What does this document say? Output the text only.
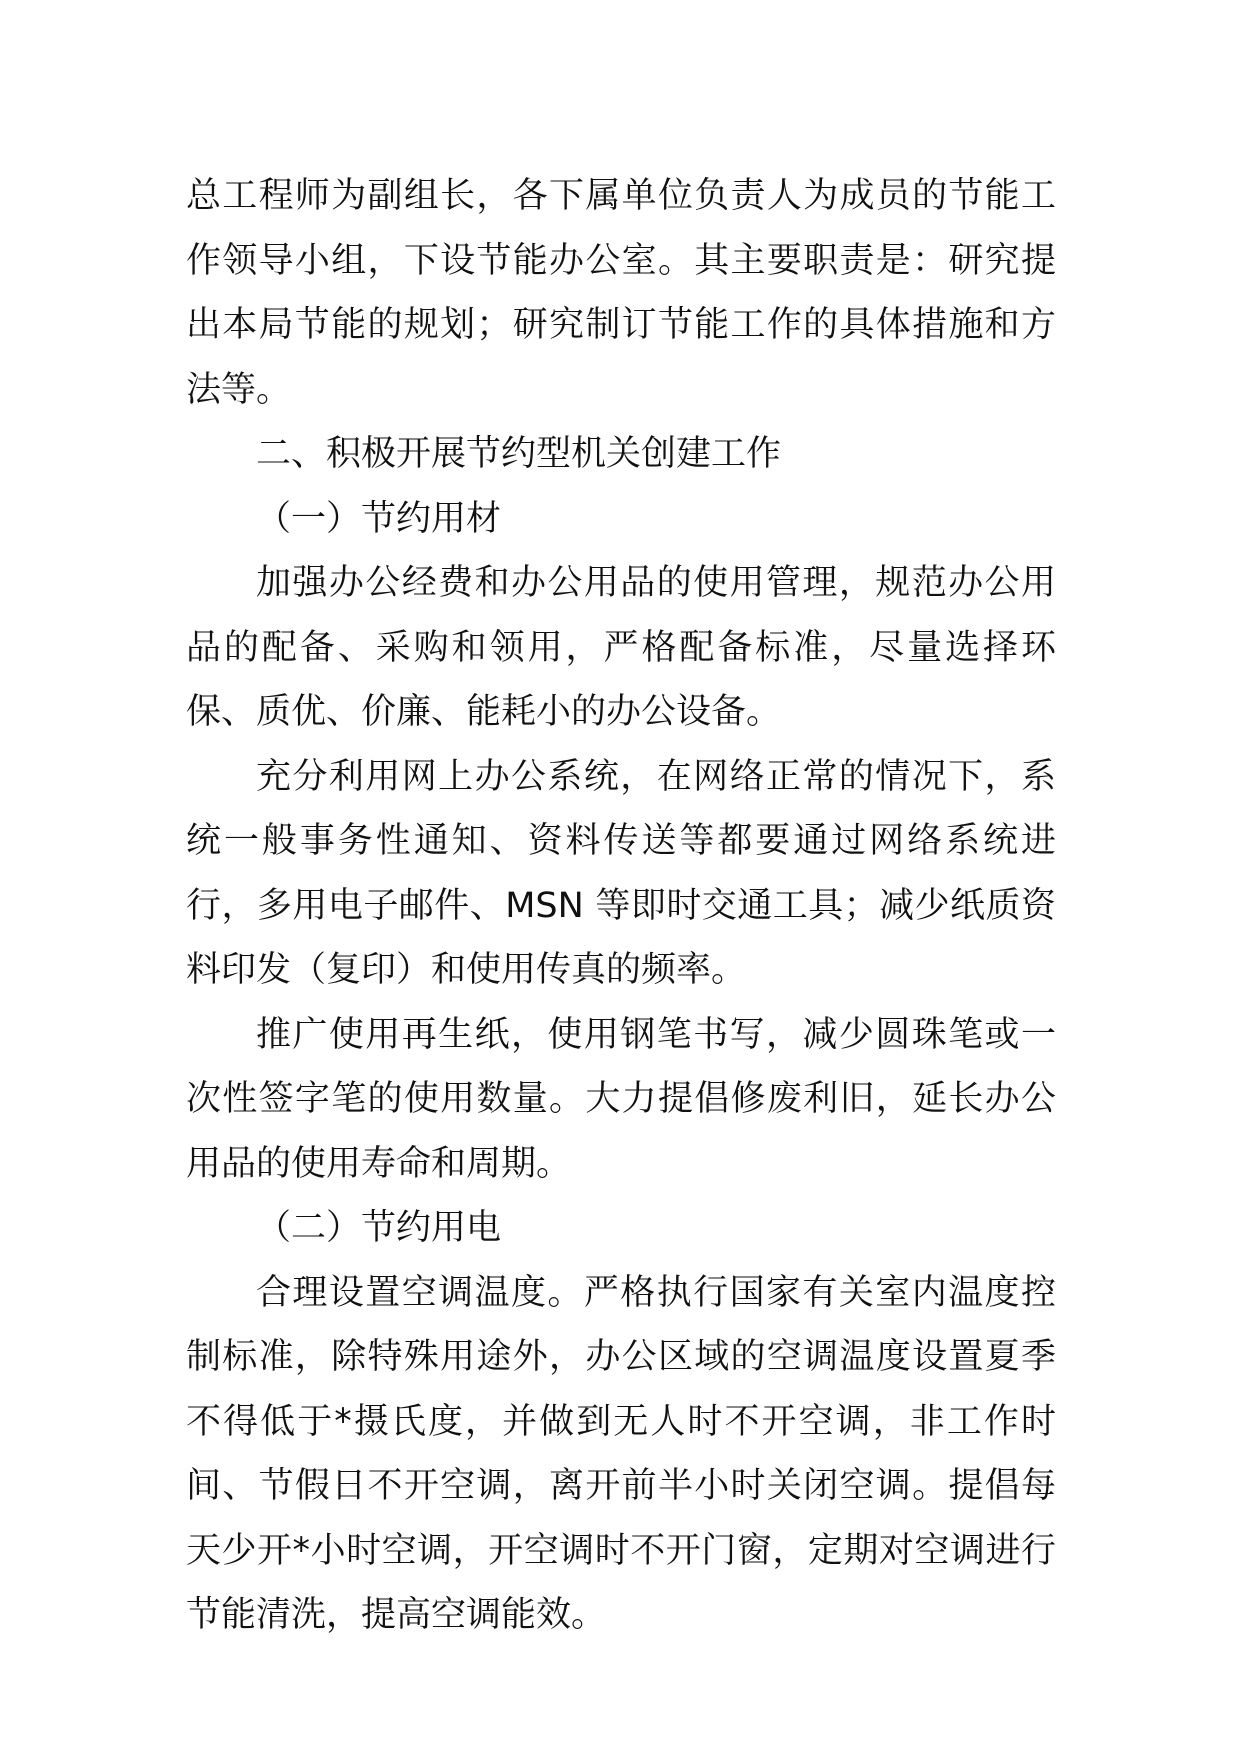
总工程师为副组长，各下属单位负责人为成员的节能工作领导小组，下设节能办公室。其主要职责是：研究提出本局节能的规划；研究制订节能工作的具体措施和方法等。

二、积极开展节约型机关创建工作

（一）节约用材

加强办公经费和办公用品的使用管理，规范办公用品的配备、采购和领用，严格配备标准，尽量选择环保、质优、价廉、能耗小的办公设备。

充分利用网上办公系统，在网络正常的情况下，系统一般事务性通知、资料传送等都要通过网络系统进行，多用电子邮件、MSN 等即时交通工具；减少纸质资料印发（复印）和使用传真的频率。

推广使用再生纸，使用钢笔书写，减少圆珠笔或一次性签字笔的使用数量。大力提倡修废利旧，延长办公用品的使用寿命和周期。

（二）节约用电

合理设置空调温度。严格执行国家有关室内温度控制标准，除特殊用途外，办公区域的空调温度设置夏季不得低于*摄氏度，并做到无人时不开空调，非工作时间、节假日不开空调，离开前半小时关闭空调。提倡每天少开*小时空调，开空调时不开门窗，定期对空调进行节能清洗，提高空调能效。
